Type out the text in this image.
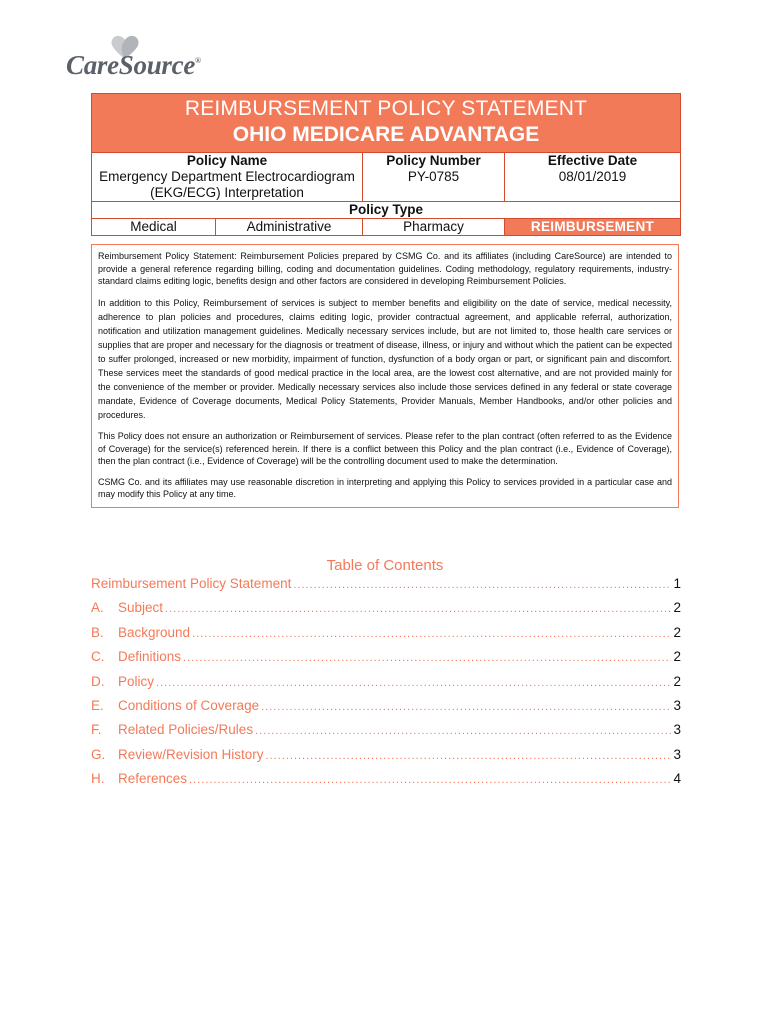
CareSource®
REIMBURSEMENT POLICY STATEMENT
OHIO MEDICARE ADVANTAGE
Policy Name	Policy Number	Effective Date
Emergency Department Electrocardiogram
(EKG/ECG) Interpretation
PY-0785	08/01/2019
Policy Type
Medical	Administrative	Pharmacy	REIMBURSEMENT

Reimbursement Policy Statement: Reimbursement Policies prepared by CSMG Co. and its affiliates (including CareSource) are intended to provide a general reference regarding billing, coding and documentation guidelines. Coding methodology, regulatory requirements, industry-standard claims editing logic, benefits design and other factors are considered in developing Reimbursement Policies.

In addition to this Policy, Reimbursement of services is subject to member benefits and eligibility on the date of service, medical necessity, adherence to plan policies and procedures, claims editing logic, provider contractual agreement, and applicable referral, authorization, notification and utilization management guidelines. Medically necessary services include, but are not limited to, those health care services or supplies that are proper and necessary for the diagnosis or treatment of disease, illness, or injury and without which the patient can be expected to suffer prolonged, increased or new morbidity, impairment of function, dysfunction of a body organ or part, or significant pain and discomfort. These services meet the standards of good medical practice in the local area, are the lowest cost alternative, and are not provided mainly for the convenience of the member or provider. Medically necessary services also include those services defined in any federal or state coverage mandate, Evidence of Coverage documents, Medical Policy Statements, Provider Manuals, Member Handbooks, and/or other policies and procedures.

This Policy does not ensure an authorization or Reimbursement of services. Please refer to the plan contract (often referred to as the Evidence of Coverage) for the service(s) referenced herein. If there is a conflict between this Policy and the plan contract (i.e., Evidence of Coverage), then the plan contract (i.e., Evidence of Coverage) will be the controlling document used to make the determination.

CSMG Co. and its affiliates may use reasonable discretion in interpreting and applying this Policy to services provided in a particular case and may modify this Policy at any time.

Table of Contents
Reimbursement Policy Statement .....	1
A.	Subject .....	2
B.	Background .....	2
C.	Definitions .....	2
D.	Policy .....	2
E.	Conditions of Coverage .....	3
F.	Related Policies/Rules .....	3
G. Review/Revision History .....	3
H.	References .....	4
